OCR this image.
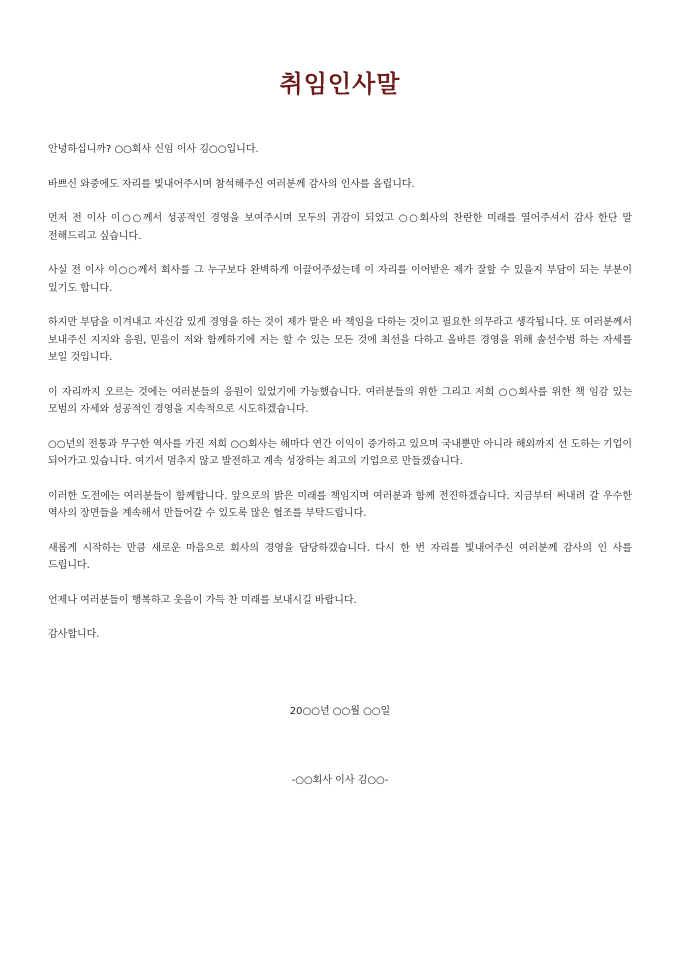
취임인사말

안녕하십니까? ○○회사 신임 이사 김○○입니다.

바쁘신 와중에도 자리를 빛내어주시며 참석해주신 여러분께 감사의 인사를 올립니다.

먼저 전 이사 이○○께서 성공적인 경영을 보여주시며 모두의 귀감이 되었고 ○○회사의 찬란한 미래를 열어주셔서 감사 한단 말 전해드리고 싶습니다.

사실 전 이사 이○○께서 회사를 그 누구보다 완벽하게 이끌어주셨는데 이 자리를 이어받은 제가 잘할 수 있을지 부담이 되는 부분이 있기도 합니다.

하지만 부담을 이겨내고 자신감 있게 경영을 하는 것이 제가 맡은 바 책임을 다하는 것이고 필요한 의무라고 생각됩니다. 또 여러분께서 보내주신 지지와 응원, 믿음이 저와 함께하기에 저는 할 수 있는 모든 것에 최선을 다하고 올바른 경영을 위해 솔선수범 하는 자세를 보일 것입니다.

이 자리까지 오르는 것에는 여러분들의 응원이 있었기에 가능했습니다. 여러분들의 위한 그리고 저희 ○○회사를 위한 책 임감 있는 모범의 자세와 성공적인 경영을 지속적으로 시도하겠습니다.

○○년의 전통과 무구한 역사를 가진 저희 ○○회사는 해마다 연간 이익이 증가하고 있으며 국내뿐만 아니라 해외까지 선 도하는 기업이 되어가고 있습니다. 여기서 멈추지 않고 발전하고 계속 성장하는 최고의 기업으로 만들겠습니다.

이러한 도전에는 여러분들이 함께합니다. 앞으로의 밝은 미래를 책임지며 여러분과 함께 전진하겠습니다. 지금부터 써내려 갈 우수한 역사의 장면들을 계속해서 만들어갈 수 있도록 많은 협조를 부탁드립니다.

새롭게 시작하는 만큼 새로운 마음으로 회사의 경영을 담당하겠습니다. 다시 한 번 자리를 빛내어주신 여러분께 감사의 인 사를 드립니다.

언제나 여러분들이 행복하고 웃음이 가득 찬 미래를 보내시길 바랍니다.

감사합니다.

20○○년 ○○월 ○○일
-○○회사 이사 김○○-
